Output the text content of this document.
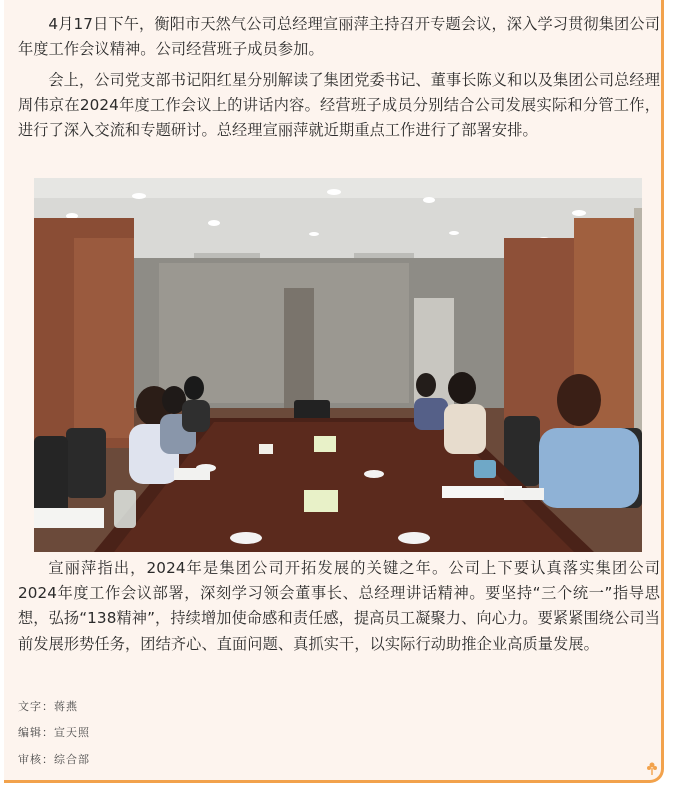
4月17日下午，衡阳市天然气公司总经理宣丽萍主持召开专题会议，深入学习贯彻集团公司年度工作会议精神。公司经营班子成员参加。

会上，公司党支部书记阳红星分别解读了集团党委书记、董事长陈义和以及集团公司总经理周伟京在2024年度工作会议上的讲话内容。经营班子成员分别结合公司发展实际和分管工作，进行了深入交流和专题研讨。总经理宣丽萍就近期重点工作进行了部署安排。

宣丽萍指出，2024年是集团公司开拓发展的关键之年。公司上下要认真落实集团公司2024年度工作会议部署，深刻学习领会董事长、总经理讲话精神。要坚持“三个统一”指导思想，弘扬“138精神”，持续增加使命感和责任感，提高员工凝聚力、向心力。要紧紧围绕公司当前发展形势任务，团结齐心、直面问题、真抓实干，以实际行动助推企业高质量发展。

文字：蒋燕
编辑：宣天照
审核：综合部
